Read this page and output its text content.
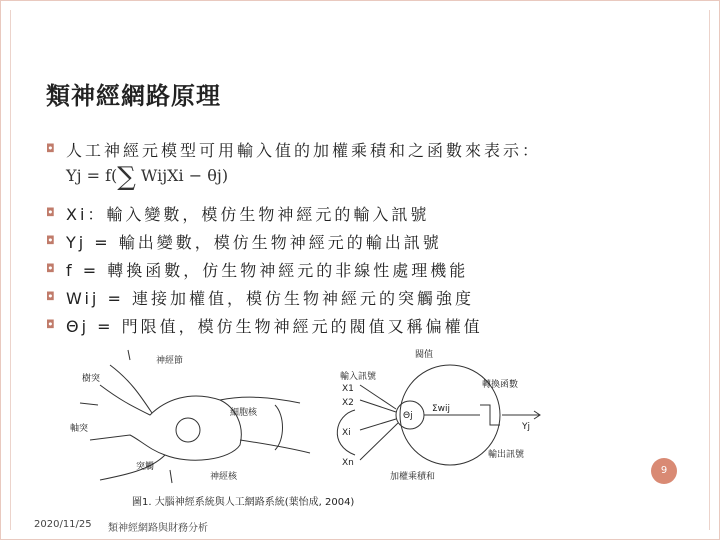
類神經網路原理
◘ 人工神經元模型可用輸入值的加權乘積和之函數來表示：
Yj = f(∑ WijXi − θj)
◘ Xi：輸入變數，模仿生物神經元的輸入訊號
◘ Yj = 輸出變數，模仿生物神經元的輸出訊號
◘ f = 轉換函數，仿生物神經元的非線性處理機能
◘ Wij = 連接加權值，模仿生物神經元的突觸強度
◘ Θj = 門限值，模仿生物神經元的閥值又稱偏權值
神經節
樹突
細胞核
軸突
突觸
神經核
閥值
輸入訊號
轉換函數
輸出訊號
加權乘積和
Θj
Σwij
Yj
X1
X2
Xi
Xn
9
圖1. 大腦神經系統與人工網路系統(葉怡成, 2004)
2020/11/25 類神經網路與財務分析
